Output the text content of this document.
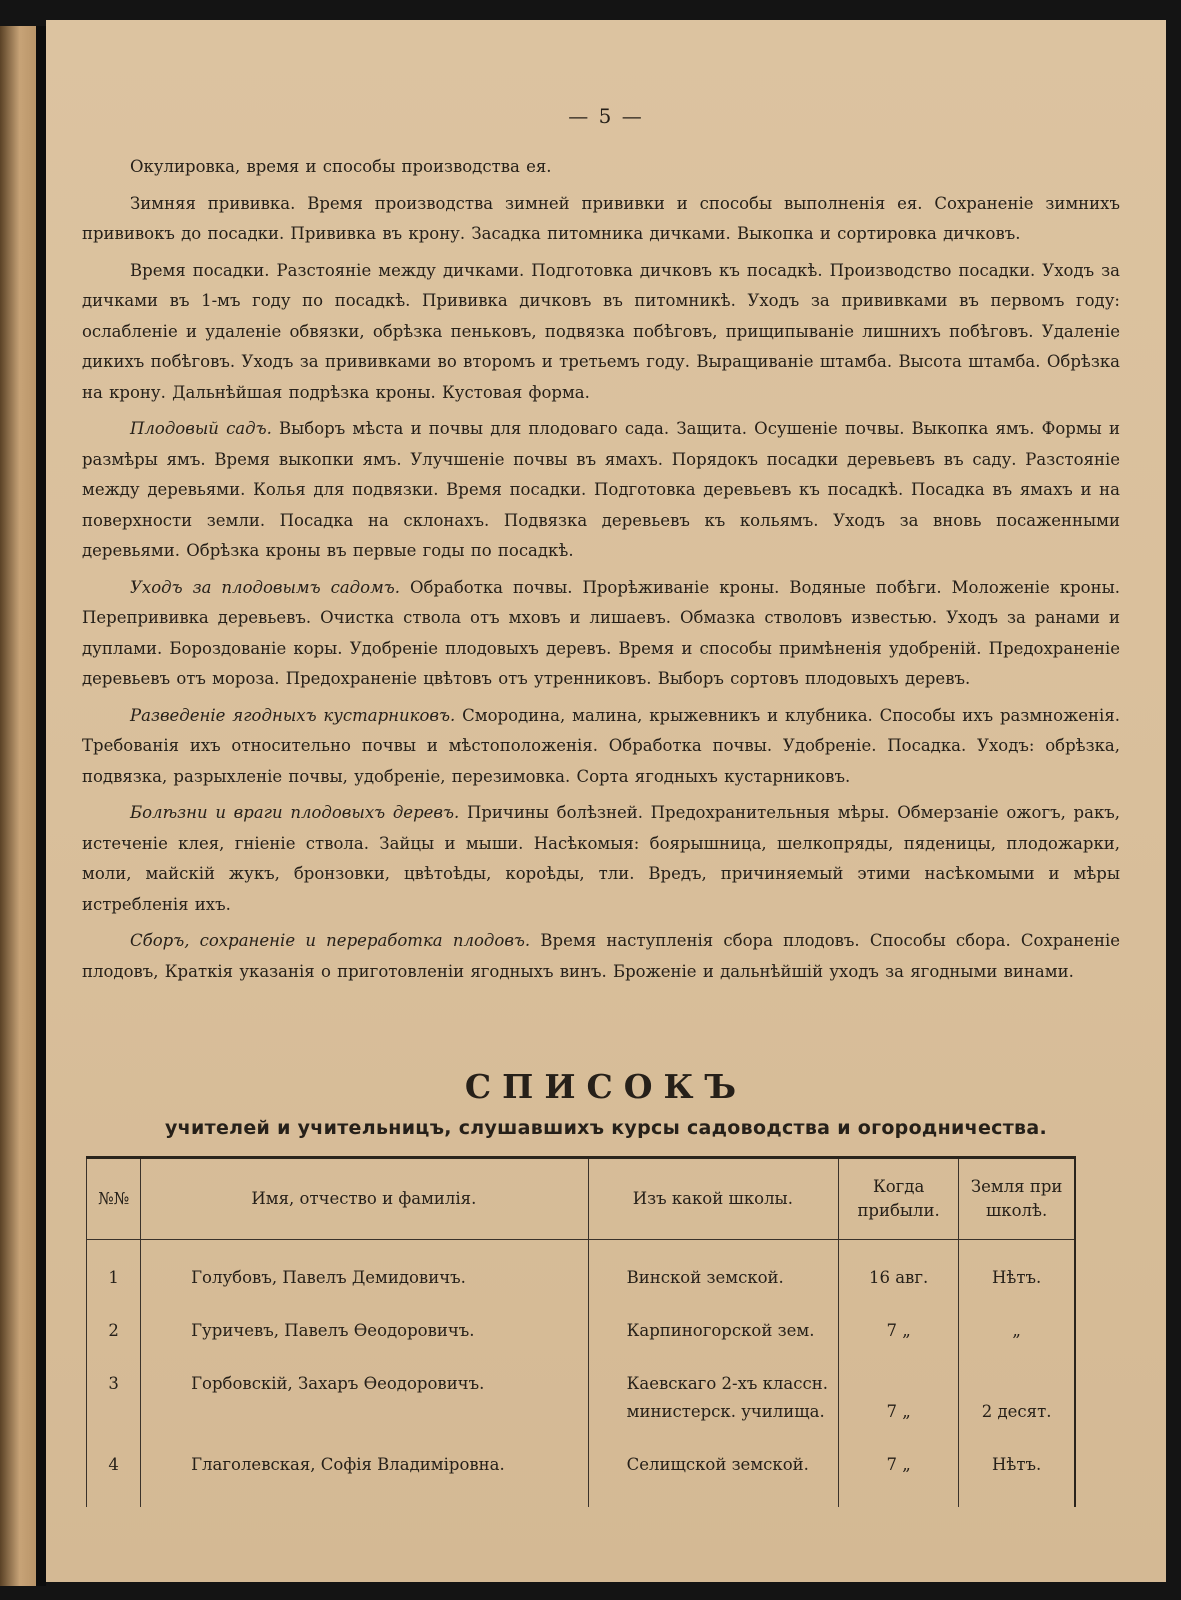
— 5 —

Окулировка, время и способы производства ея.

Зимняя прививка. Время производства зимней прививки и способы выполненія ея. Сохраненіе зимнихъ прививокъ до посадки. Прививка въ крону. Засадка питомника дичками. Выкопка и сортировка дичковъ.

Время посадки. Разстояніе между дичками. Подготовка дичковъ къ посадкѣ. Производство посадки. Уходъ за дичками въ 1-мъ году по посадкѣ. Прививка дичковъ въ питомникѣ. Уходъ за прививками въ первомъ году: ослабленіе и удаленіе обвязки, обрѣзка пеньковъ, подвязка побѣговъ, прищипываніе лишнихъ побѣговъ. Удаленіе дикихъ побѣговъ. Уходъ за прививками во второмъ и третьемъ году. Выращиваніе штамба. Высота штамба. Обрѣзка на крону. Дальнѣйшая подрѣзка кроны. Кустовая форма.

Плодовый садъ. Выборъ мѣста и почвы для плодоваго сада. Защита. Осушеніе почвы. Выкопка ямъ. Формы и размѣры ямъ. Время выкопки ямъ. Улучшеніе почвы въ ямахъ. Порядокъ посадки деревьевъ въ саду. Разстояніе между деревьями. Колья для подвязки. Время посадки. Подготовка деревьевъ къ посадкѣ. Посадка въ ямахъ и на поверхности земли. Посадка на склонахъ. Подвязка деревьевъ къ кольямъ. Уходъ за вновь посаженными деревьями. Обрѣзка кроны въ первые годы по посадкѣ.

Уходъ за плодовымъ садомъ. Обработка почвы. Прорѣживаніе кроны. Водяные побѣги. Моложеніе кроны. Перепрививка деревьевъ. Очистка ствола отъ мховъ и лишаевъ. Обмазка стволовъ известью. Уходъ за ранами и дуплами. Бороздованіе коры. Удобреніе плодовыхъ деревъ. Время и способы примѣненія удобреній. Предохраненіе деревьевъ отъ мороза. Предохраненіе цвѣтовъ отъ утренниковъ. Выборъ сортовъ плодовыхъ деревъ.

Разведеніе ягодныхъ кустарниковъ. Смородина, малина, крыжевникъ и клубника. Способы ихъ размноженія. Требованія ихъ относительно почвы и мѣстоположенія. Обработка почвы. Удобреніе. Посадка. Уходъ: обрѣзка, подвязка, разрыхленіе почвы, удобреніе, перезимовка. Сорта ягодныхъ кустарниковъ.

Болѣзни и враги плодовыхъ деревъ. Причины болѣзней. Предохранительныя мѣры. Обмерзаніе ожогъ, ракъ, истеченіе клея, гніеніе ствола. Зайцы и мыши. Насѣкомыя: боярышница, шелкопряды, пяденицы, плодожарки, моли, майскій жукъ, бронзовки, цвѣтоѣды, короѣды, тли. Вредъ, причиняемый этими насѣкомыми и мѣры истребленія ихъ.

Сборъ, сохраненіе и переработка плодовъ. Время наступленія сбора плодовъ. Способы сбора. Сохраненіе плодовъ, Краткія указанія о приготовленіи ягодныхъ винъ. Броженіе и дальнѣйшій уходъ за ягодными винами.

СПИСОКЪ
учителей и учительницъ, слушавшихъ курсы садоводства и огородничества.
№№	Имя, отчество и фамилія.	Изъ какой школы.	Когда прибыли.	Земля при школѣ.
1	Голубовъ, Павелъ Демидовичъ.	Винской земской.	16 авг.	Нѣтъ.
2	Гуричевъ, Павелъ Ѳеодоровичъ.	Карпиногорской зем.	7 „	„
3	Горбовскій, Захаръ Ѳеодоровичъ.	Каевскаго 2-хъ классн. министерск. училища.	7 „	2 десят.
4	Глаголевская, Софія Владиміровна.	Селищской земской.	7 „	Нѣтъ.
